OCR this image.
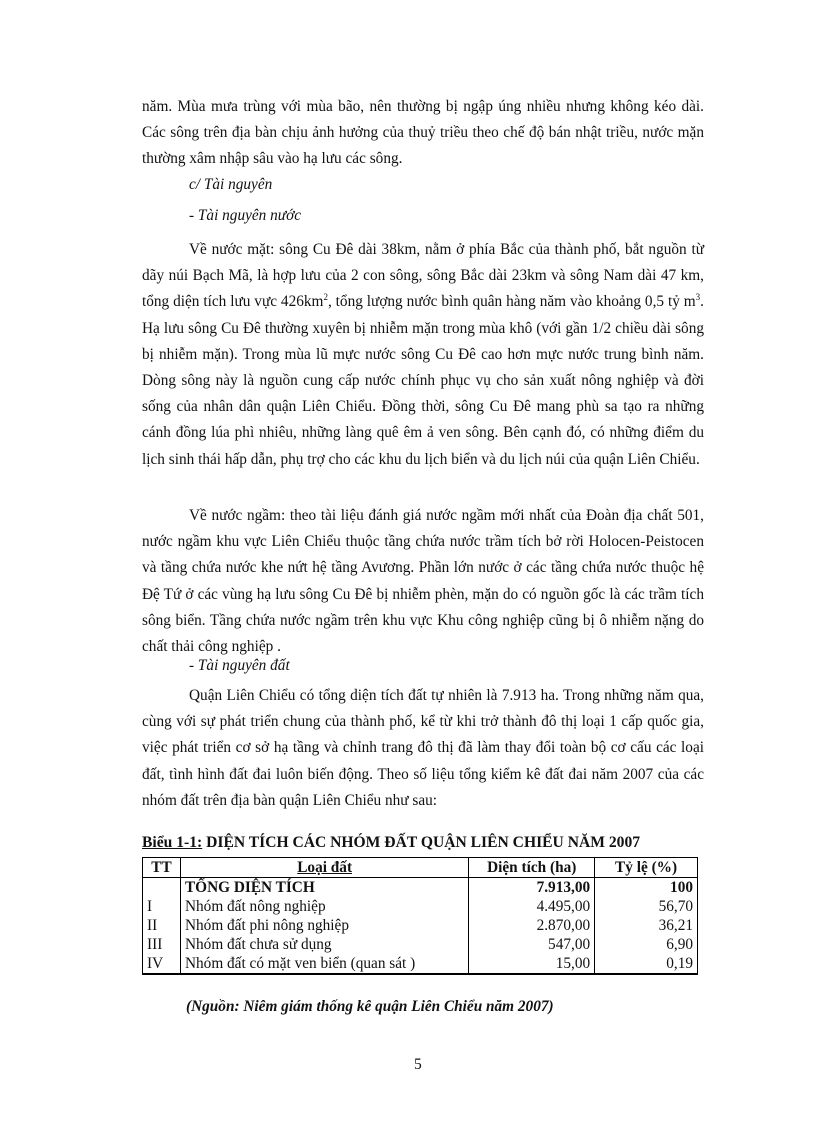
năm. Mùa mưa trùng với mùa bão, nên thường bị ngập úng nhiều nhưng không kéo dài. Các sông trên địa bàn chịu ảnh hưởng của thuỷ triều theo chế độ bán nhật triều, nước mặn thường xâm nhập sâu vào hạ lưu các sông.

c/ Tài nguyên

- Tài nguyên nước

Về nước mặt: sông Cu Đê dài 38km, nằm ở phía Bắc của thành phố, bắt nguồn từ dãy núi Bạch Mã, là hợp lưu của 2 con sông, sông Bắc dài 23km và sông Nam dài 47 km, tổng diện tích lưu vực $426km^2$, tổng lượng nước bình quân hàng năm vào khoảng 0,5 tỷ $m^3$. Hạ lưu sông Cu Đê thường xuyên bị nhiễm mặn trong mùa khô (với gần 1/2 chiều dài sông bị nhiễm mặn). Trong mùa lũ mực nước sông Cu Đê cao hơn mực nước trung bình năm. Dòng sông này là nguồn cung cấp nước chính phục vụ cho sản xuất nông nghiệp và đời sống của nhân dân quận Liên Chiểu. Đồng thời, sông Cu Đê mang phù sa tạo ra những cánh đồng lúa phì nhiêu, những làng quê êm ả ven sông. Bên cạnh đó, có những điểm du lịch sinh thái hấp dẫn, phụ trợ cho các khu du lịch biển và du lịch núi của quận Liên Chiểu.

Về nước ngầm: theo tài liệu đánh giá nước ngầm mới nhất của Đoàn địa chất 501, nước ngầm khu vực Liên Chiểu thuộc tầng chứa nước trầm tích bở rời Holocen-Peistocen và tầng chứa nước khe nứt hệ tầng Avương. Phần lớn nước ở các tầng chứa nước thuộc hệ Đệ Tứ ở các vùng hạ lưu sông Cu Đê bị nhiễm phèn, mặn do có nguồn gốc là các trầm tích sông biển. Tầng chứa nước ngầm trên khu vực Khu công nghiệp cũng bị ô nhiễm nặng do chất thải công nghiệp .

- Tài nguyên đất

Quận Liên Chiểu có tổng diện tích đất tự nhiên là 7.913 ha. Trong những năm qua, cùng với sự phát triển chung của thành phố, kể từ khi trở thành đô thị loại 1 cấp quốc gia, việc phát triển cơ sở hạ tầng và chỉnh trang đô thị đã làm thay đổi toàn bộ cơ cấu các loại đất, tình hình đất đai luôn biến động. Theo số liệu tổng kiểm kê đất đai năm 2007 của các nhóm đất trên địa bàn quận Liên Chiểu như sau:

Biểu 1-1: DIỆN TÍCH CÁC NHÓM ĐẤT QUẬN LIÊN CHIỂU NĂM 2007

TT	Loại đất	Diện tích (ha)	Tỷ lệ (%)
	TỔNG DIỆN TÍCH	7.913,00	100
I	Nhóm đất nông nghiệp	4.495,00	56,70
II	Nhóm đất phi nông nghiệp	2.870,00	36,21
III	Nhóm đất chưa sử dụng	547,00	6,90
IV	Nhóm đất có mặt ven biển (quan sát )	15,00	0,19

(Nguồn: Niêm giám thống kê quận Liên Chiểu năm 2007)

5
